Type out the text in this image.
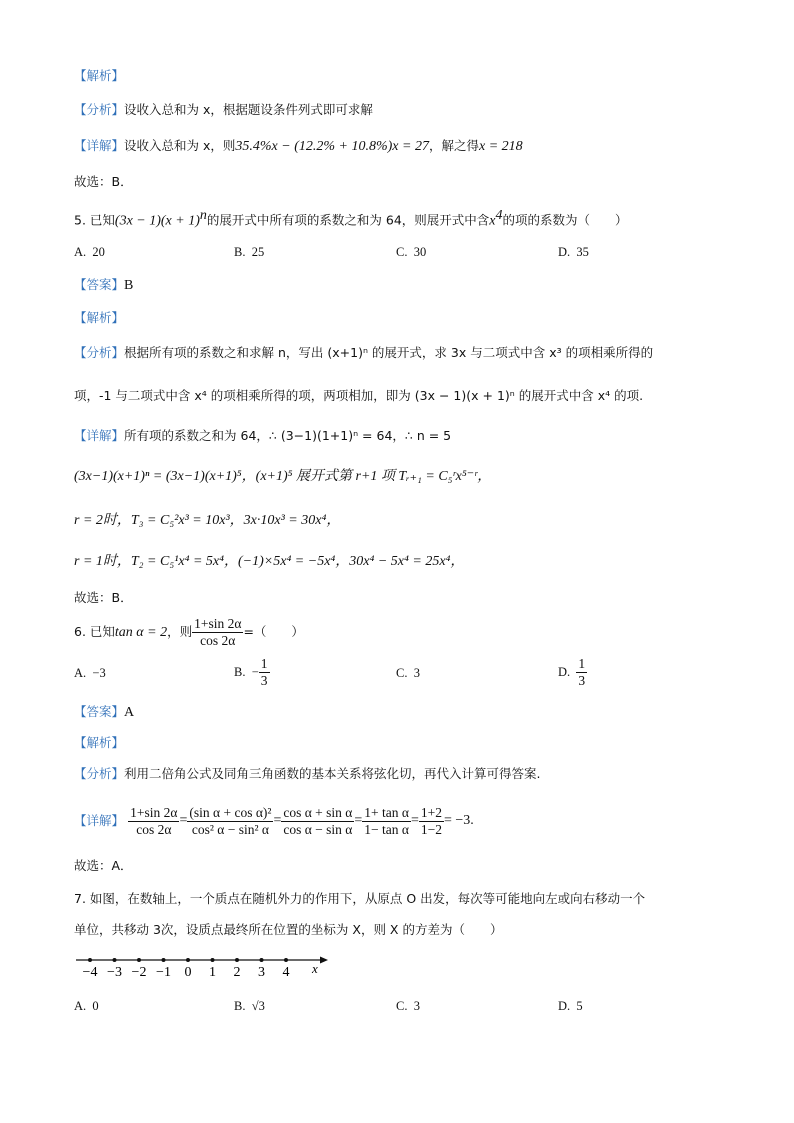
【解析】
【分析】设收入总和为 x，根据题设条件列式即可求解
【详解】设收入总和为 x，则35.4%x − (12.2% + 10.8%)x = 27，解之得x = 218
故选：B．
5. 已知$(3x - 1)(x + 1)^n$的展开式中所有项的系数之和为 64，则展开式中含$x^4$的项的系数为（　　）
A. 20	B. 25	C. 30	D. 35
【答案】B
【解析】
【分析】根据所有项的系数之和求解 n，写出 (x+1)ⁿ 的展开式，求 3x 与二项式中含 x³ 的项相乘所得的
项，-1 与二项式中含 x⁴ 的项相乘所得的项，两项相加，即为 (3x − 1)(x + 1)ⁿ 的展开式中含 x⁴ 的项.
【详解】所有项的系数之和为 64，∴ (3−1)(1+1)ⁿ = 64，∴ n = 5
(3x−1)(x+1)ⁿ = (3x−1)(x+1)⁵，(x+1)⁵ 展开式第 r+1 项 Tᵣ₊₁ = C₅ʳx⁵⁻ʳ，
r = 2时，T₃ = C₅²x³ = 10x³，3x·10x³ = 30x⁴，
r = 1时，T₂ = C₅¹x⁴ = 5x⁴，(−1)×5x⁴ = −5x⁴，30x⁴ − 5x⁴ = 25x⁴，
故选：B．
6. 已知tan α = 2，则 $\frac{1+\sin 2\alpha}{\cos 2\alpha}$ =（　　）
A. −3	B. − $\frac{1}{3}$	C. 3	D. $\frac{1}{3}$
【答案】A
【解析】
【分析】利用二倍角公式及同角三角函数的基本关系将弦化切，再代入计算可得答案.
【详解】 $\frac{1+\sin 2\alpha}{\cos 2\alpha} = \frac{\text{(sin α + cos α)²}}{\text{cos² α − sin² α}} = \frac{\text{cos α + sin α}}{\text{cos α − sin α}} = \frac{\text{1+ tan α}}{\text{1− tan α}} = \frac{1+2}{1-2} = -3$.
故选：A．
7. 如图，在数轴上，一个质点在随机外力的作用下，从原点 O 出发，每次等可能地向左或向右移动一个
单位，共移动 3次，设质点最终所在位置的坐标为 X，则 X 的方差为（　　）
−4 −3 −2 −1 0 1 2 3 4 x
A. 0	B. √3	C. 3	D. 5
